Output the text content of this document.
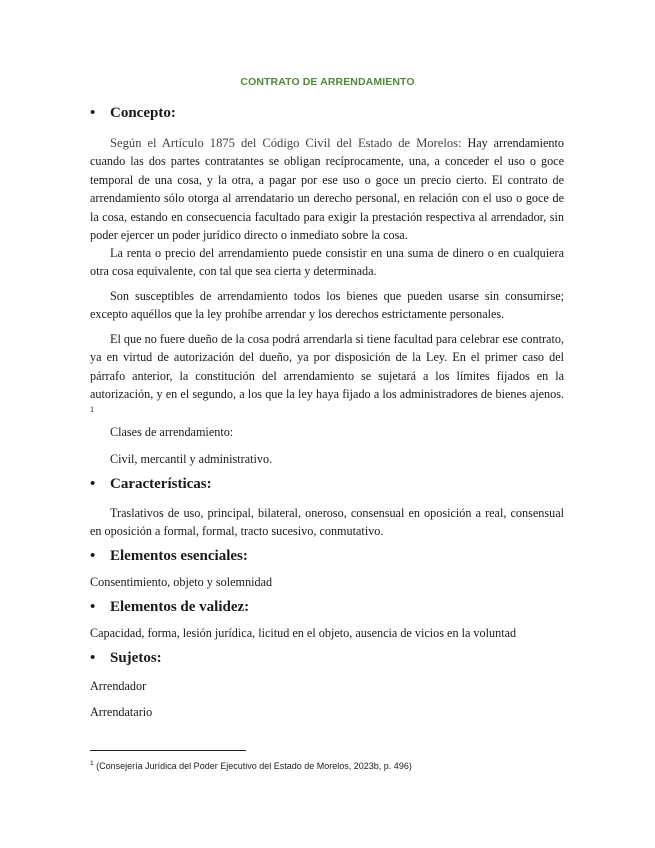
CONTRATO DE ARRENDAMIENTO
• Concepto:

Según el Artículo 1875 del Código Civil del Estado de Morelos: Hay arrendamiento cuando las dos partes contratantes se obligan recíprocamente, una, a conceder el uso o goce temporal de una cosa, y la otra, a pagar por ese uso o goce un precio cierto. El contrato de arrendamiento sólo otorga al arrendatario un derecho personal, en relación con el uso o goce de la cosa, estando en consecuencia facultado para exigir la prestación respectiva al arrendador, sin poder ejercer un poder jurídico directo o inmediato sobre la cosa.

La renta o precio del arrendamiento puede consistir en una suma de dinero o en cualquiera otra cosa equivalente, con tal que sea cierta y determinada.

Son susceptibles de arrendamiento todos los bienes que pueden usarse sin consumirse; excepto aquéllos que la ley prohíbe arrendar y los derechos estrictamente personales.

El que no fuere dueño de la cosa podrá arrendarla si tiene facultad para celebrar ese contrato, ya en virtud de autorización del dueño, ya por disposición de la Ley. En el primer caso del párrafo anterior, la constitución del arrendamiento se sujetará a los límites fijados en la autorización, y en el segundo, a los que la ley haya fijado a los administradores de bienes ajenos. $^1$

Clases de arrendamiento:
Civil, mercantil y administrativo.
• Características:

Traslativos de uso, principal, bilateral, oneroso, consensual en oposición a real, consensual en oposición a formal, formal, tracto sucesivo, conmutativo.

• Elementos esenciales:
Consentimiento, objeto y solemnidad
• Elementos de validez:
Capacidad, forma, lesión jurídica, licitud en el objeto, ausencia de vicios en la voluntad
• Sujetos:
Arrendador
Arrendatario
$^1$ (Consejería Jurídica del Poder Ejecutivo del Estado de Morelos, 2023b, p. 496)
